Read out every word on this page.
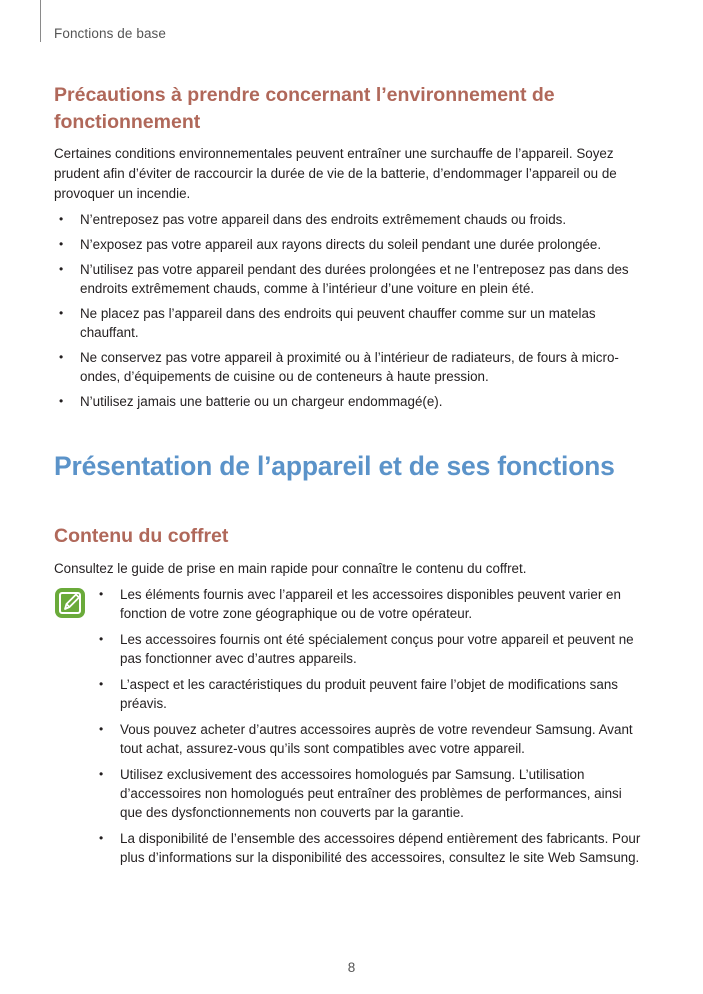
Fonctions de base
Précautions à prendre concernant l’environnement de fonctionnement

Certaines conditions environnementales peuvent entraîner une surchauffe de l’appareil. Soyez prudent afin d’éviter de raccourcir la durée de vie de la batterie, d’endommager l’appareil ou de provoquer un incendie.

• N’entreposez pas votre appareil dans des endroits extrêmement chauds ou froids.
• N’exposez pas votre appareil aux rayons directs du soleil pendant une durée prolongée.
• N’utilisez pas votre appareil pendant des durées prolongées et ne l’entreposez pas dans des endroits extrêmement chauds, comme à l’intérieur d’une voiture en plein été.
• Ne placez pas l’appareil dans des endroits qui peuvent chauffer comme sur un matelas chauffant.
• Ne conservez pas votre appareil à proximité ou à l’intérieur de radiateurs, de fours à micro-ondes, d’équipements de cuisine ou de conteneurs à haute pression.
• N’utilisez jamais une batterie ou un chargeur endommagé(e).
Présentation de l’appareil et de ses fonctions
Contenu du coffret

Consultez le guide de prise en main rapide pour connaître le contenu du coffret.

• Les éléments fournis avec l’appareil et les accessoires disponibles peuvent varier en fonction de votre zone géographique ou de votre opérateur.
• Les accessoires fournis ont été spécialement conçus pour votre appareil et peuvent ne pas fonctionner avec d’autres appareils.
• L’aspect et les caractéristiques du produit peuvent faire l’objet de modifications sans préavis.
• Vous pouvez acheter d’autres accessoires auprès de votre revendeur Samsung. Avant tout achat, assurez-vous qu’ils sont compatibles avec votre appareil.
• Utilisez exclusivement des accessoires homologués par Samsung. L’utilisation d’accessoires non homologués peut entraîner des problèmes de performances, ainsi que des dysfonctionnements non couverts par la garantie.
• La disponibilité de l’ensemble des accessoires dépend entièrement des fabricants. Pour plus d’informations sur la disponibilité des accessoires, consultez le site Web Samsung.
8
